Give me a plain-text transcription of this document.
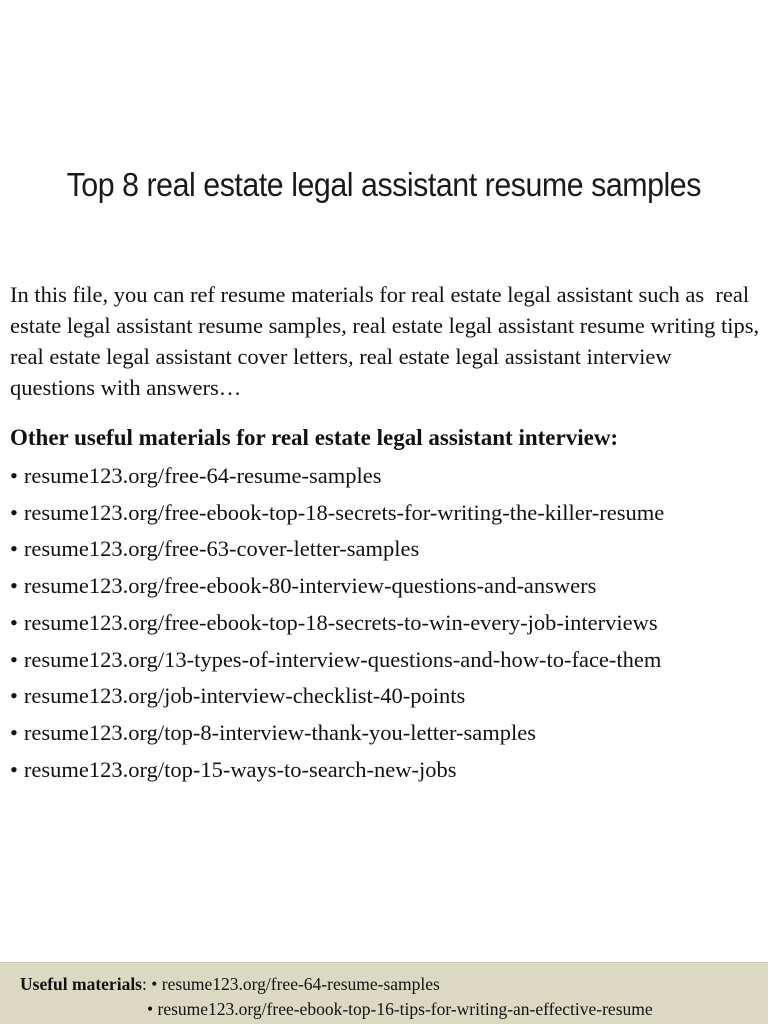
Top 8 real estate legal assistant resume samples

In this file, you can ref resume materials for real estate legal assistant such as  real estate legal assistant resume samples, real estate legal assistant resume writing tips, real estate legal assistant cover letters, real estate legal assistant interview questions with answers…

Other useful materials for real estate legal assistant interview:
• resume123.org/free-64-resume-samples
• resume123.org/free-ebook-top-18-secrets-for-writing-the-killer-resume
• resume123.org/free-63-cover-letter-samples
• resume123.org/free-ebook-80-interview-questions-and-answers
• resume123.org/free-ebook-top-18-secrets-to-win-every-job-interviews
• resume123.org/13-types-of-interview-questions-and-how-to-face-them
• resume123.org/job-interview-checklist-40-points
• resume123.org/top-8-interview-thank-you-letter-samples
• resume123.org/top-15-ways-to-search-new-jobs
Useful materials: • resume123.org/free-64-resume-samples
• resume123.org/free-ebook-top-16-tips-for-writing-an-effective-resume
